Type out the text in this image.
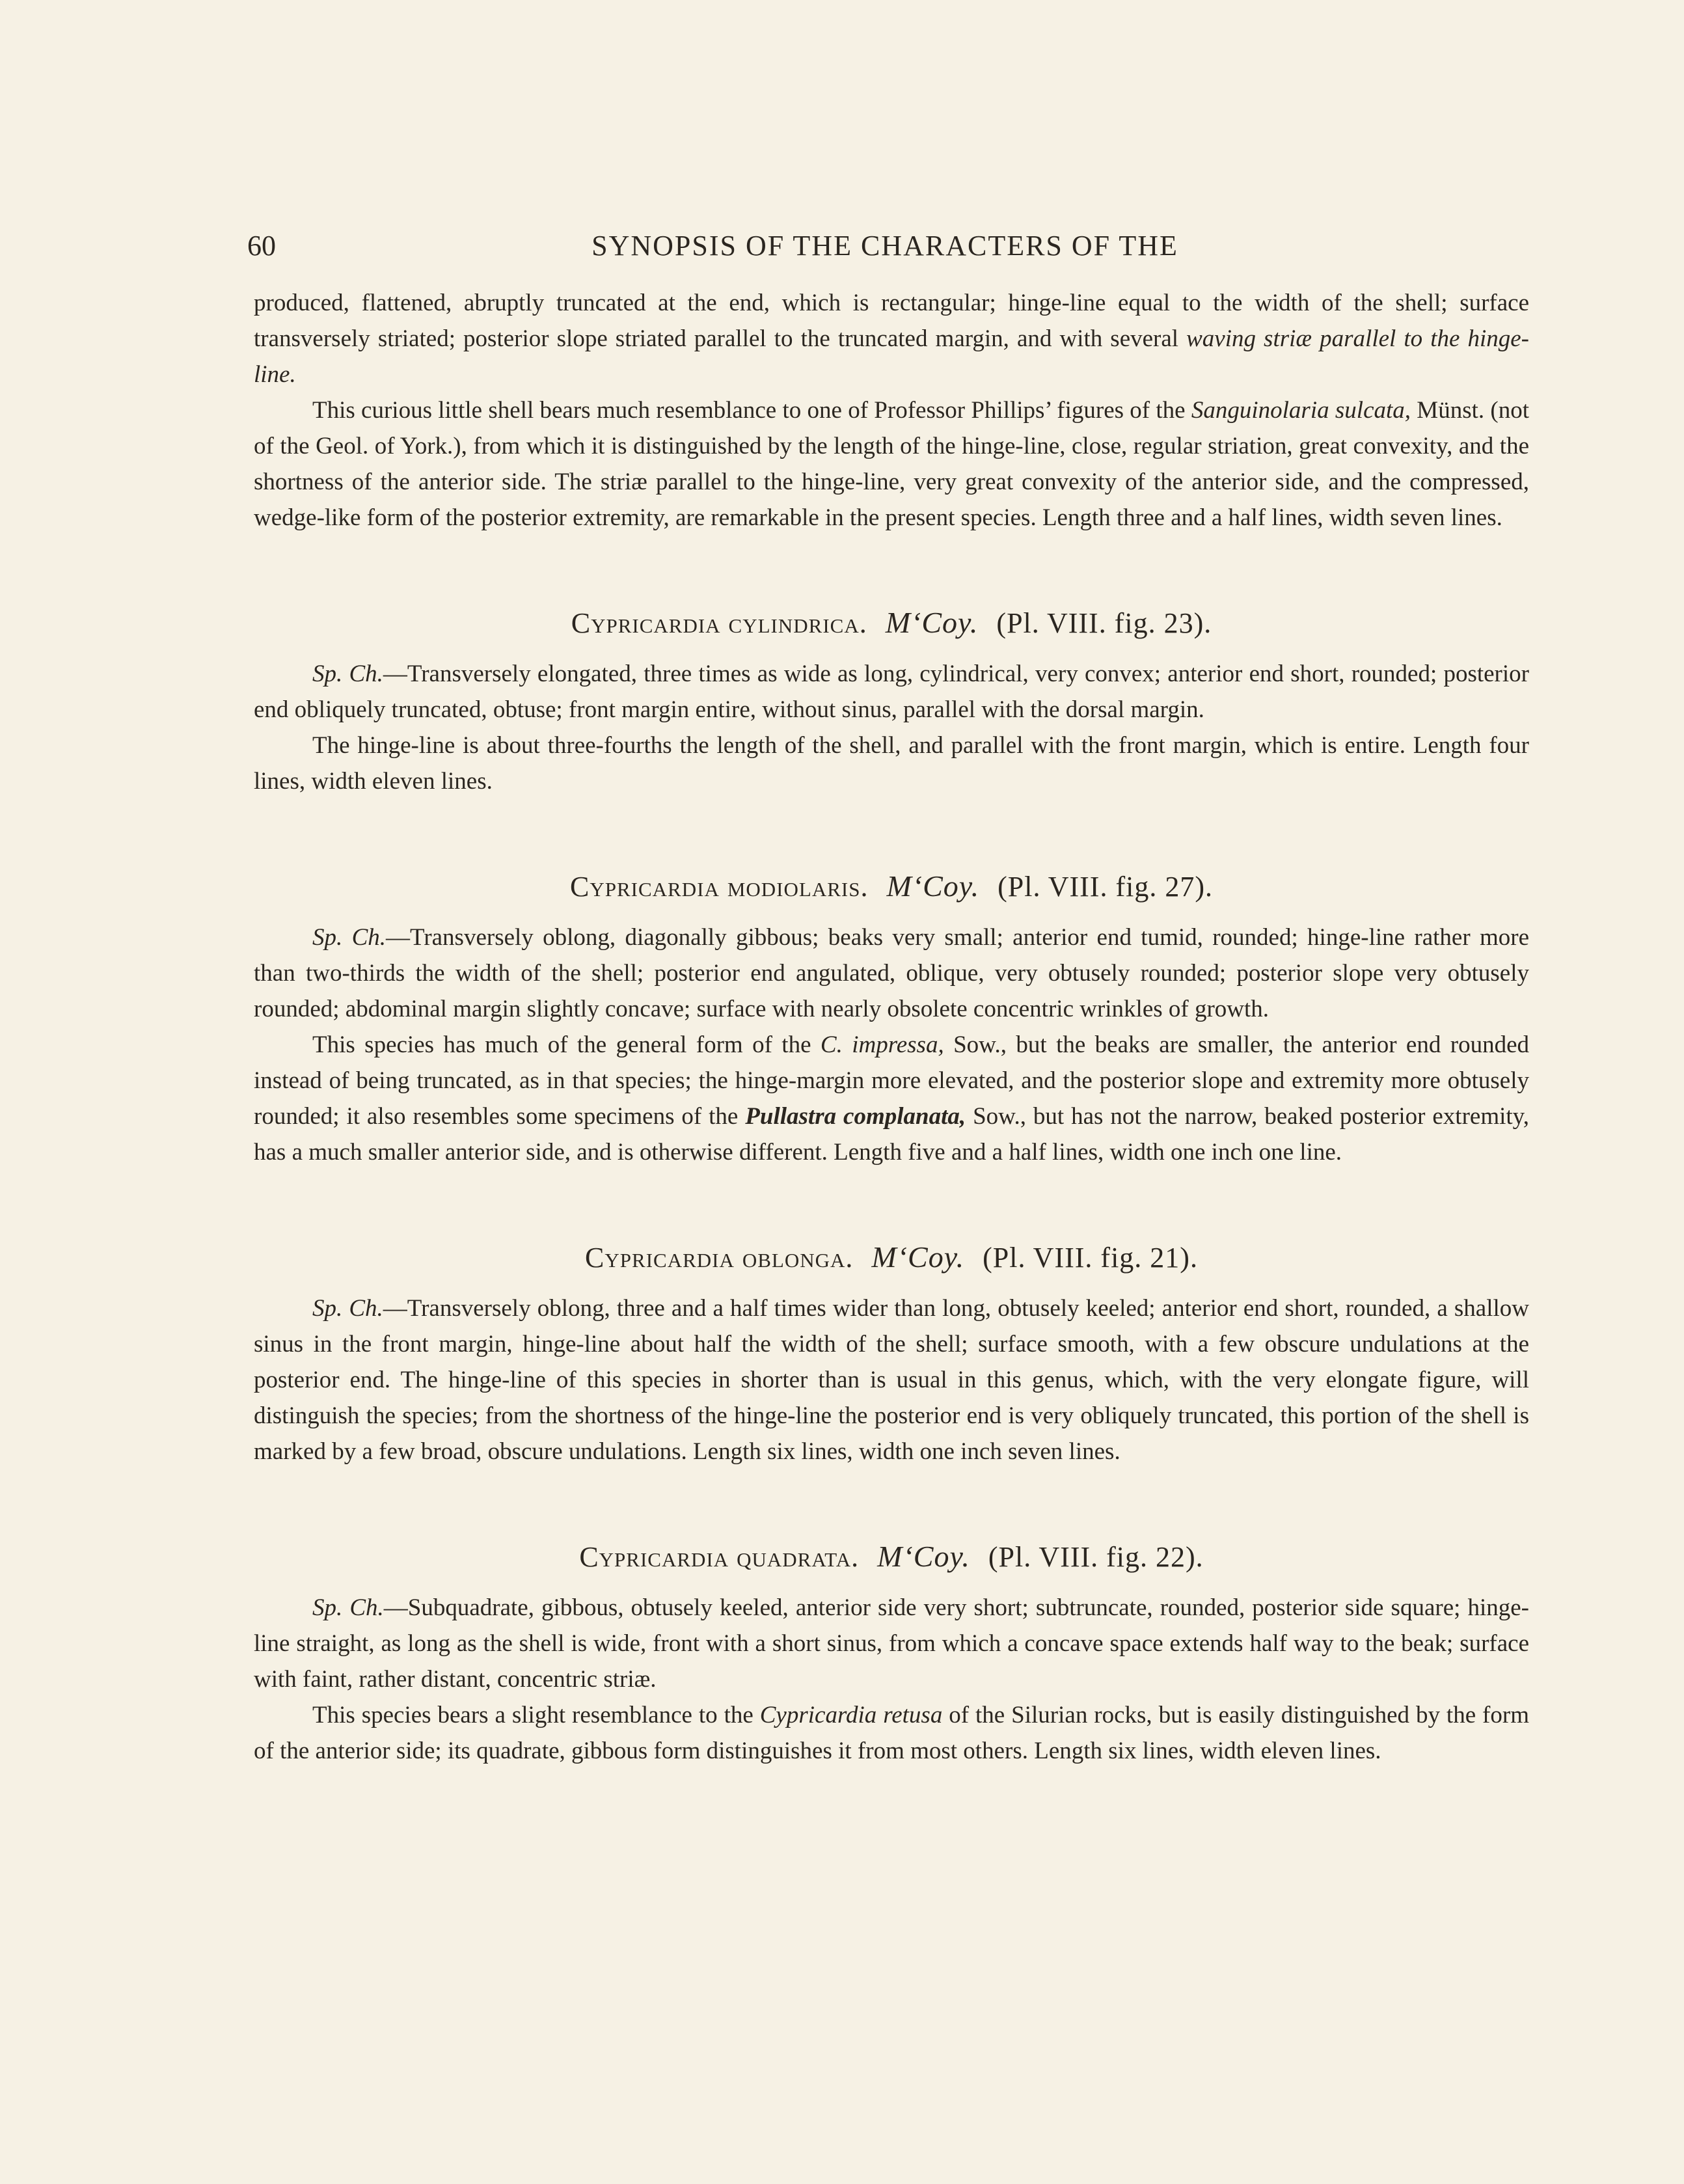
60	SYNOPSIS OF THE CHARACTERS OF THE

produced, flattened, abruptly truncated at the end, which is rectangular; hinge-line equal to the width of the shell; surface transversely striated; posterior slope striated parallel to the truncated margin, and with several waving striæ parallel to the hinge-line.

This curious little shell bears much resemblance to one of Professor Phillips’ figures of the Sanguinolaria sulcata, Münst. (not of the Geol. of York.), from which it is distinguished by the length of the hinge-line, close, regular striation, great convexity, and the shortness of the anterior side. The striæ parallel to the hinge-line, very great convexity of the anterior side, and the compressed, wedge-like form of the posterior extremity, are remarkable in the present species. Length three and a half lines, width seven lines.

Cypricardia cylindrica. M‘Coy. (Pl. VIII. fig. 23).

Sp. Ch.—Transversely elongated, three times as wide as long, cylindrical, very convex; anterior end short, rounded; posterior end obliquely truncated, obtuse; front margin entire, without sinus, parallel with the dorsal margin.

The hinge-line is about three-fourths the length of the shell, and parallel with the front margin, which is entire. Length four lines, width eleven lines.

Cypricardia modiolaris. M‘Coy. (Pl. VIII. fig. 27).

Sp. Ch.—Transversely oblong, diagonally gibbous; beaks very small; anterior end tumid, rounded; hinge-line rather more than two-thirds the width of the shell; posterior end angulated, oblique, very obtusely rounded; posterior slope very obtusely rounded; abdominal margin slightly concave; surface with nearly obsolete concentric wrinkles of growth.

This species has much of the general form of the C. impressa, Sow., but the beaks are smaller, the anterior end rounded instead of being truncated, as in that species; the hinge-margin more elevated, and the posterior slope and extremity more obtusely rounded; it also resembles some specimens of the Pullastra complanata, Sow., but has not the narrow, beaked posterior extremity, has a much smaller anterior side, and is otherwise different. Length five and a half lines, width one inch one line.

Cypricardia oblonga. M‘Coy. (Pl. VIII. fig. 21).

Sp. Ch.—Transversely oblong, three and a half times wider than long, obtusely keeled; anterior end short, rounded, a shallow sinus in the front margin, hinge-line about half the width of the shell; surface smooth, with a few obscure undulations at the posterior end. The hinge-line of this species in shorter than is usual in this genus, which, with the very elongate figure, will distinguish the species; from the shortness of the hinge-line the posterior end is very obliquely truncated, this portion of the shell is marked by a few broad, obscure undulations. Length six lines, width one inch seven lines.

Cypricardia quadrata. M‘Coy. (Pl. VIII. fig. 22).

Sp. Ch.—Subquadrate, gibbous, obtusely keeled, anterior side very short; subtruncate, rounded, posterior side square; hinge-line straight, as long as the shell is wide, front with a short sinus, from which a concave space extends half way to the beak; surface with faint, rather distant, concentric striæ.

This species bears a slight resemblance to the Cypricardia retusa of the Silurian rocks, but is easily distinguished by the form of the anterior side; its quadrate, gibbous form distinguishes it from most others. Length six lines, width eleven lines.
